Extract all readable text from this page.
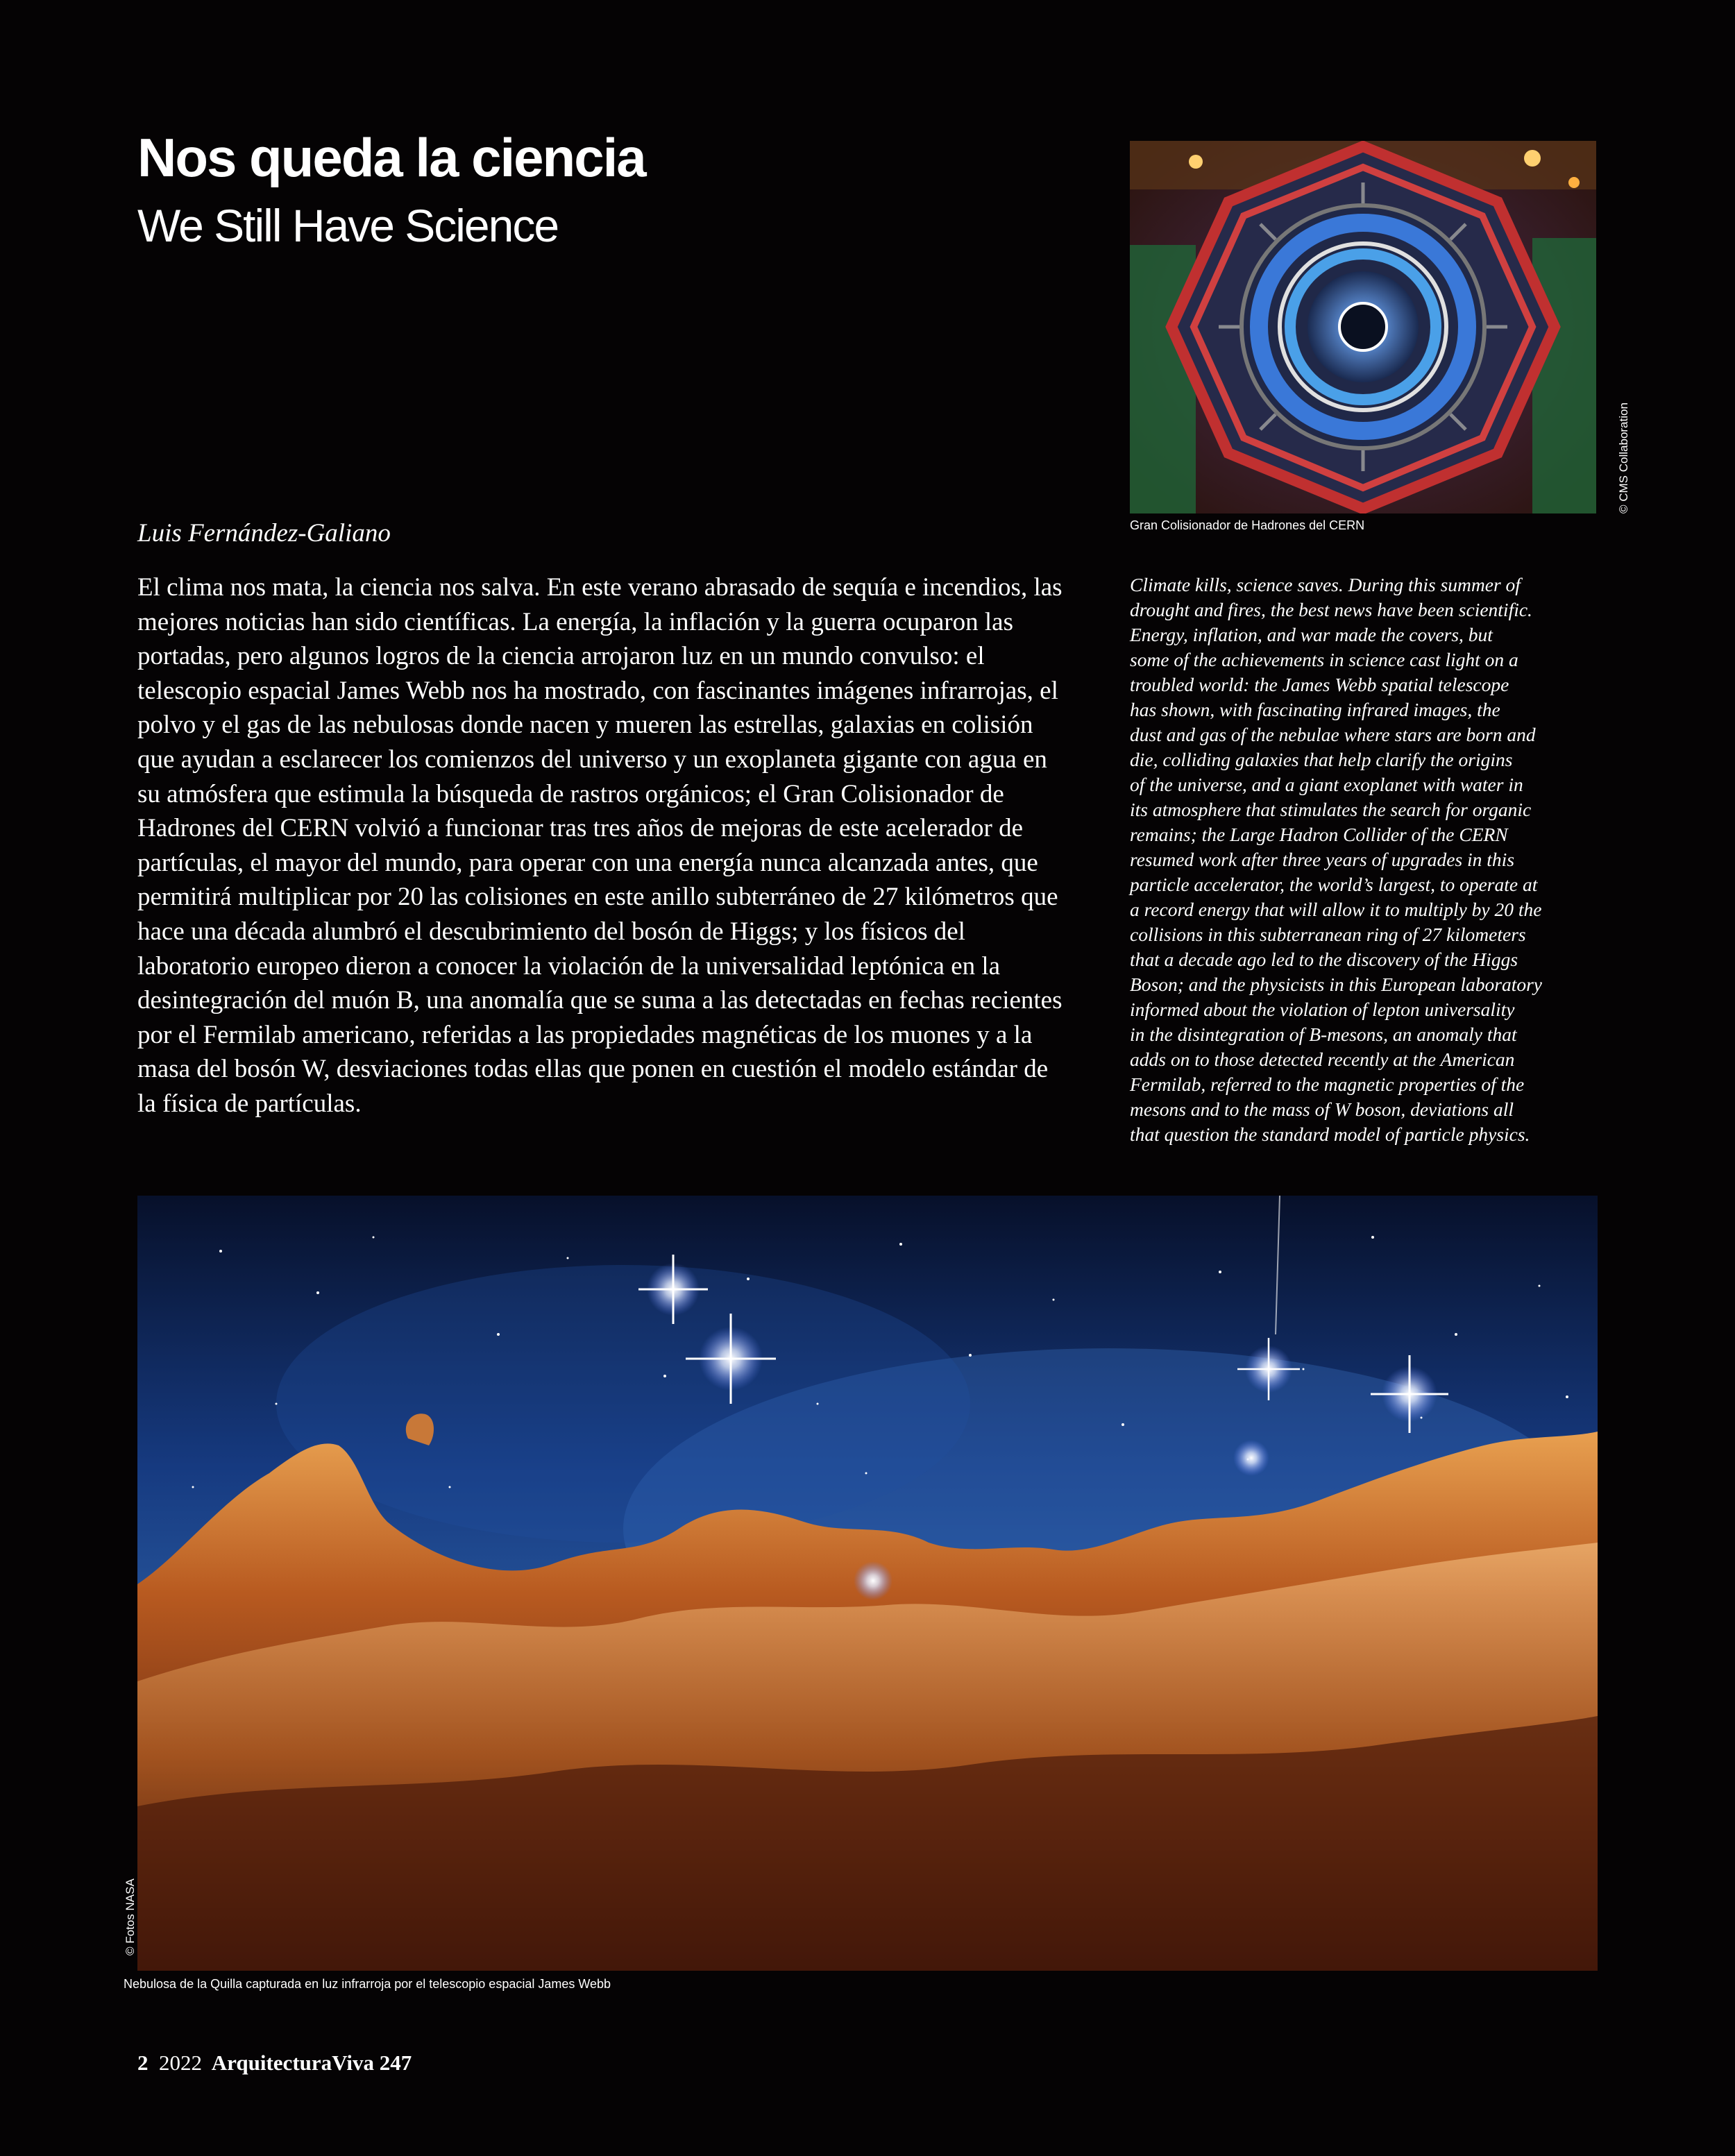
Nos queda la ciencia
We Still Have Science
© CMS Collaboration
Gran Colisionador de Hadrones del CERN
Luis Fernández-Galiano
El clima nos mata, la ciencia nos salva. En este verano abrasado de sequía e incendios, las mejores noticias han sido científicas. La energía, la inflación y la guerra ocuparon las portadas, pero algunos logros de la ciencia arrojaron luz en un mundo convulso: el telescopio espacial James Webb nos ha mostrado, con fascinantes imágenes infrarrojas, el polvo y el gas de las nebulosas donde nacen y mueren las estrellas, galaxias en colisión que ayudan a esclarecer los comienzos del universo y un exoplaneta gigante con agua en su atmósfera que estimula la búsqueda de rastros orgánicos; el Gran Colisionador de Hadrones del CERN volvió a funcionar tras tres años de mejoras de este acelerador de partículas, el mayor del mundo, para operar con una energía nunca alcanzada antes, que permitirá multiplicar por 20 las colisiones en este anillo subterráneo de 27 kilómetros que hace una década alumbró el descubrimiento del bosón de Higgs; y los físicos del laboratorio europeo dieron a conocer la violación de la universalidad leptónica en la desintegración del muón B, una anomalía que se suma a las detectadas en fechas recientes por el Fermilab americano, referidas a las propiedades magnéticas de los muones y a la masa del bosón W, desviaciones todas ellas que ponen en cuestión el modelo estándar de la física de partículas.
Climate kills, science saves. During this summer of
drought and fires, the best news have been scientific.
Energy, inflation, and war made the covers, but
some of the achievements in science cast light on a
troubled world: the James Webb spatial telescope
has shown, with fascinating infrared images, the
dust and gas of the nebulae where stars are born and
die, colliding galaxies that help clarify the origins
of the universe, and a giant exoplanet with water in
its atmosphere that stimulates the search for organic
remains; the Large Hadron Collider of the CERN
resumed work after three years of upgrades in this
particle accelerator, the world’s largest, to operate at
a record energy that will allow it to multiply by 20 the
collisions in this subterranean ring of 27 kilometers
that a decade ago led to the discovery of the Higgs
Boson; and the physicists in this European laboratory
informed about the violation of lepton universality
in the disintegration of B-mesons, an anomaly that
adds on to those detected recently at the American
Fermilab, referred to the magnetic properties of the
mesons and to the mass of W boson, deviations all
that question the standard model of particle physics.
© Fotos NASA
Nebulosa de la Quilla capturada en luz infrarroja por el telescopio espacial James Webb
2 2022 ArquitecturaViva 247
